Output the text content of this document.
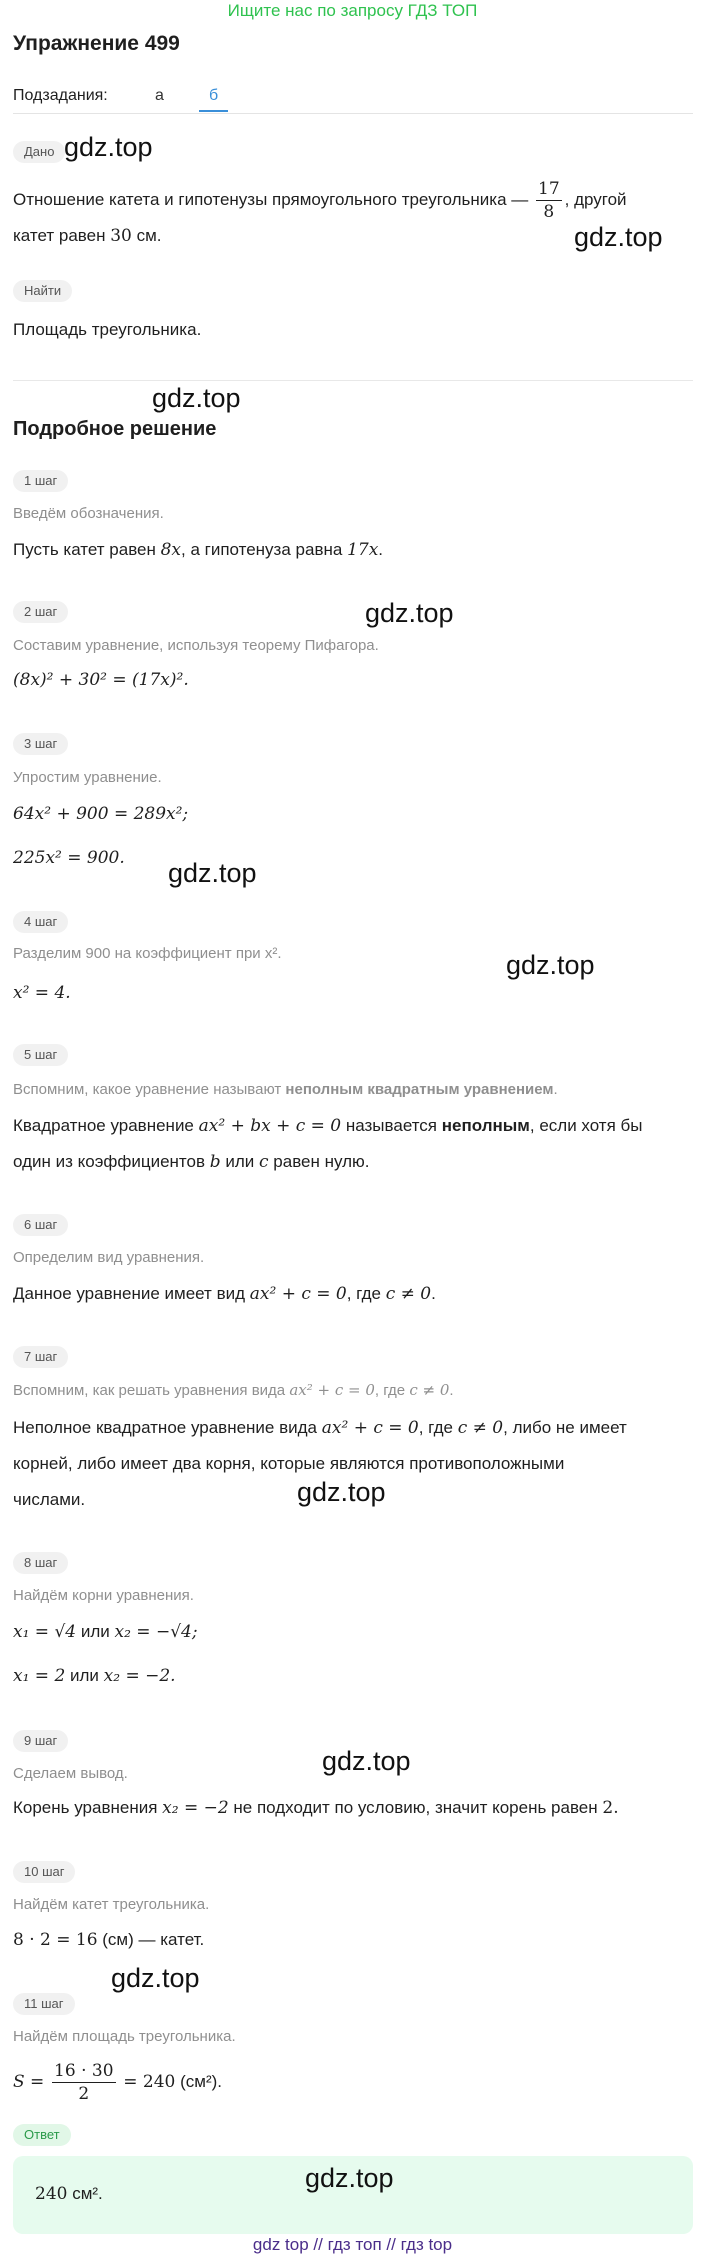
Ищите нас по запросу ГДЗ ТОП
Упражнение 499
Подзадания:	а	б
Дано
Отношение катета и гипотенузы прямоугольного треугольника — $\frac{17}{8}$ , другой
катет равен 30 см.
Найти
Площадь треугольника.
Подробное решение
1 шаг

Введём обозначения.

Пусть катет равен 8x, а гипотенуза равна 17x.
2 шаг

Составим уравнение, используя теорему Пифагора.

(8x)² + 30² = (17x)².
3 шаг

Упростим уравнение.

64x² + 900 = 289x²;
225x² = 900.
4 шаг

Разделим 900 на коэффициент при x².

x² = 4.
5 шаг

Вспомним, какое уравнение называют неполным квадратным уравнением.

Квадратное уравнение ax² + bx + c = 0 называется неполным, если хотя бы
один из коэффициентов b или c равен нулю.
6 шаг

Определим вид уравнения.

Данное уравнение имеет вид ax² + c = 0, где c ≠ 0.
7 шаг

Вспомним, как решать уравнения вида ax² + c = 0, где c ≠ 0.

Неполное квадратное уравнение вида ax² + c = 0, где c ≠ 0, либо не имеет
корней, либо имеет два корня, которые являются противоположными
числами.
8 шаг

Найдём корни уравнения.

x₁ = √4 или x₂ = −√4;
x₁ = 2 или x₂ = −2.
9 шаг

Сделаем вывод.

Корень уравнения x₂ = −2 не подходит по условию, значит корень равен 2.
10 шаг

Найдём катет треугольника.

8 · 2 = 16 (см) — катет.
11 шаг

Найдём площадь треугольника.

$S = \frac{16 \cdot 30}{2} = 240$ (см²).
Ответ
240 см².
gdz.top
gdz.top
gdz.top
gdz.top
gdz.top
gdz.top
gdz.top
gdz.top
gdz.top
gdz.top
gdz top // гдз топ // гдз top
